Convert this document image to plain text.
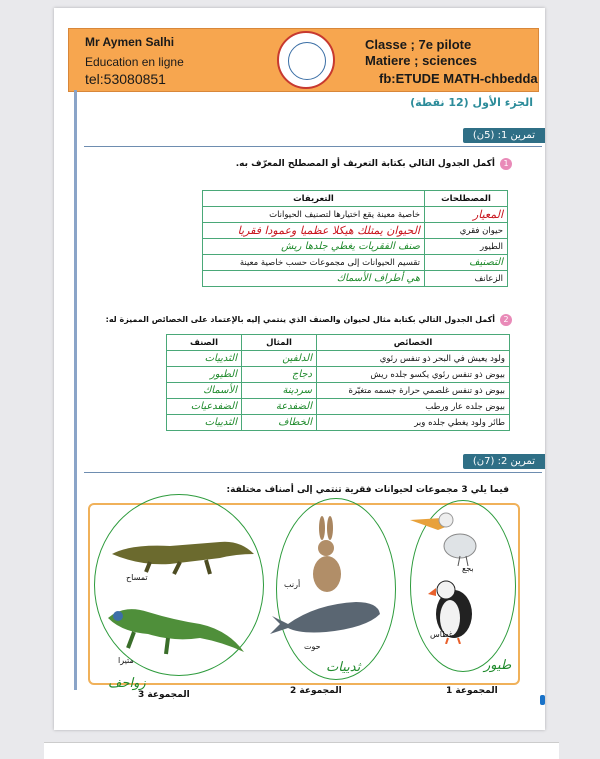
Mr Aymen Salhi
Education en ligne
tel:53080851
Classe ; 7e pilote
Matiere ; sciences
fb:ETUDE MATH-chbedda
الجزء الأول (12 نقطة)
تمرين 1: (5ن)
1
أكمل الجدول التالي بكتابة التعريف أو المصطلح المعرّف به.
المصطلحات	التعريفات
المعيار	خاصية معينة يقع اختيارها لتصنيف الحيوانات
حيوان فقري	الحيوان يمتلك هيكلا عظميا وعمودا فقريا
الطيور	صنف الفقريات يغطي جلدها ريش
التصنيف	تقسيم الحيوانات إلى مجموعات حسب خاصية معينة
الزعانف	هي أطراف الأسماك
2
أكمل الجدول التالي بكتابة مثال لحيوان والصنف الذي ينتمي إليه بالإعتماد على الخصائص المميزة له:
الخصائص	المثال	الصنف
ولود يعيش في البحر ذو تنفس رئوي	الدلفين	الثدييات
بيوض ذو تنفس رئوي يكسو جلده ريش	دجاج	الطيور
بيوض ذو تنفس غلصمي حرارة جسمه متغيّرة	سردينة	الأسماك
بيوض جلده عار ورطب	الضفدعة	الضفدعيات
طائر ولود يغطي جلده وبر	الخطاف	الثدييات
تمرين 2: (7ن)
فيما يلي 3 مجموعات لحيوانات فقرية تنتمي إلى أصناف مختلفة:
تمساح
متيرا
أرنب
حوت
بجع
غطاس
طيور
ثدييات
زواحف	المجموعة 1
المجموعة 2
المجموعة 3
